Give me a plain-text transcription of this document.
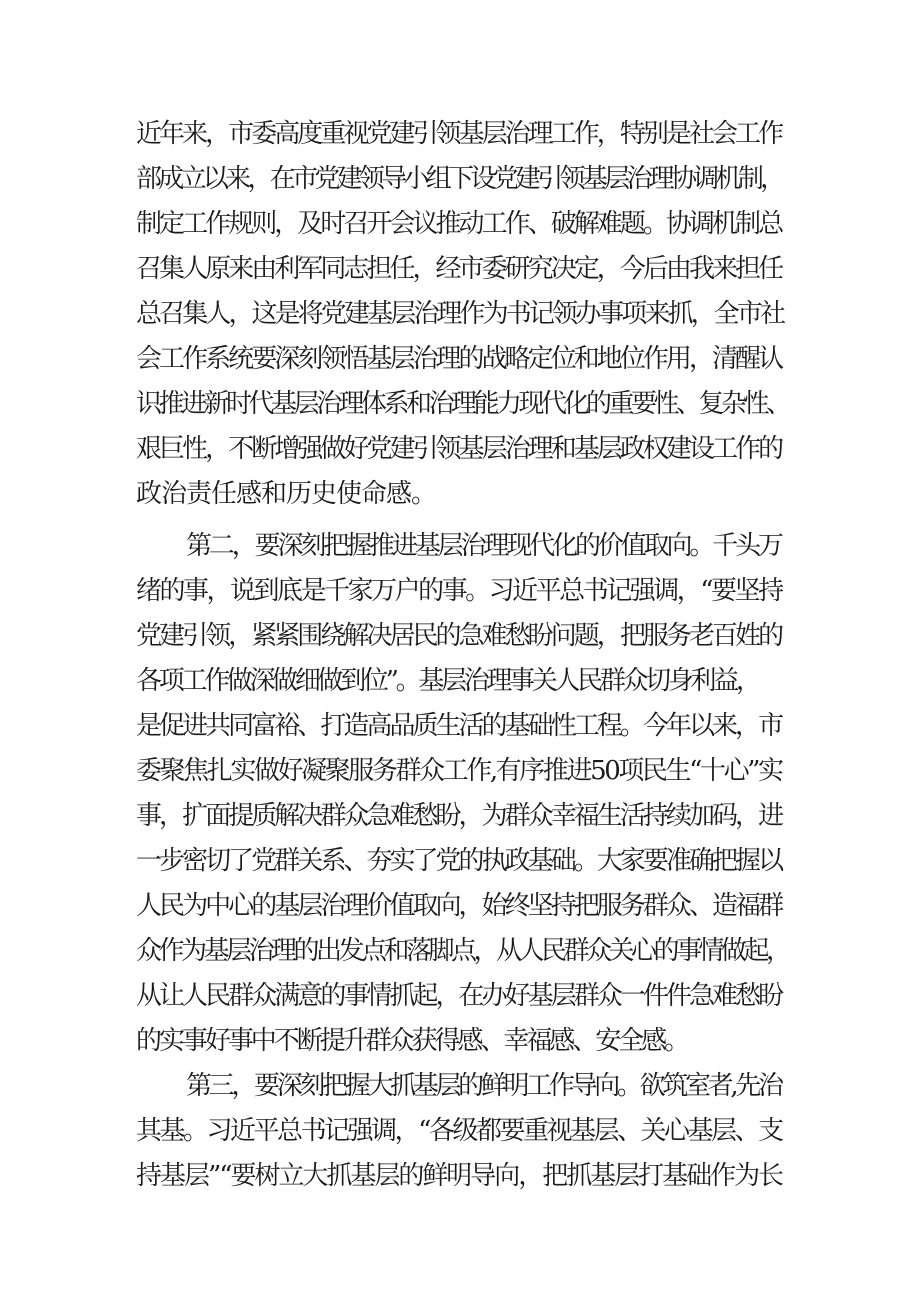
近年来，市委高度重视党建引领基层治理工作，特别是社会工作
部成立以来，在市党建领导小组下设党建引领基层治理协调机制，
制定工作规则，及时召开会议推动工作、破解难题。协调机制总
召集人原来由利军同志担任，经市委研究决定，今后由我来担任
总召集人，这是将党建基层治理作为书记领办事项来抓，全市社
会工作系统要深刻领悟基层治理的战略定位和地位作用，清醒认
识推进新时代基层治理体系和治理能力现代化的重要性、复杂性、
艰巨性，不断增强做好党建引领基层治理和基层政权建设工作的
政治责任感和历史使命感。
第二，要深刻把握推进基层治理现代化的价值取向。千头万
绪的事，说到底是千家万户的事。习近平总书记强调，“要坚持
党建引领，紧紧围绕解决居民的急难愁盼问题，把服务老百姓的
各项工作做深做细做到位”。基层治理事关人民群众切身利益，
是促进共同富裕、打造高品质生活的基础性工程。今年以来，市
委聚焦扎实做好凝聚服务群众工作,有序推进50项民生“十心”实
事，扩面提质解决群众急难愁盼，为群众幸福生活持续加码，进
一步密切了党群关系、夯实了党的执政基础。大家要准确把握以
人民为中心的基层治理价值取向，始终坚持把服务群众、造福群
众作为基层治理的出发点和落脚点，从人民群众关心的事情做起，
从让人民群众满意的事情抓起，在办好基层群众一件件急难愁盼
的实事好事中不断提升群众获得感、幸福感、安全感。
第三，要深刻把握大抓基层的鲜明工作导向。欲筑室者,先治
其基。习近平总书记强调，“各级都要重视基层、关心基层、支
持基层”“要树立大抓基层的鲜明导向，把抓基层打基础作为长
